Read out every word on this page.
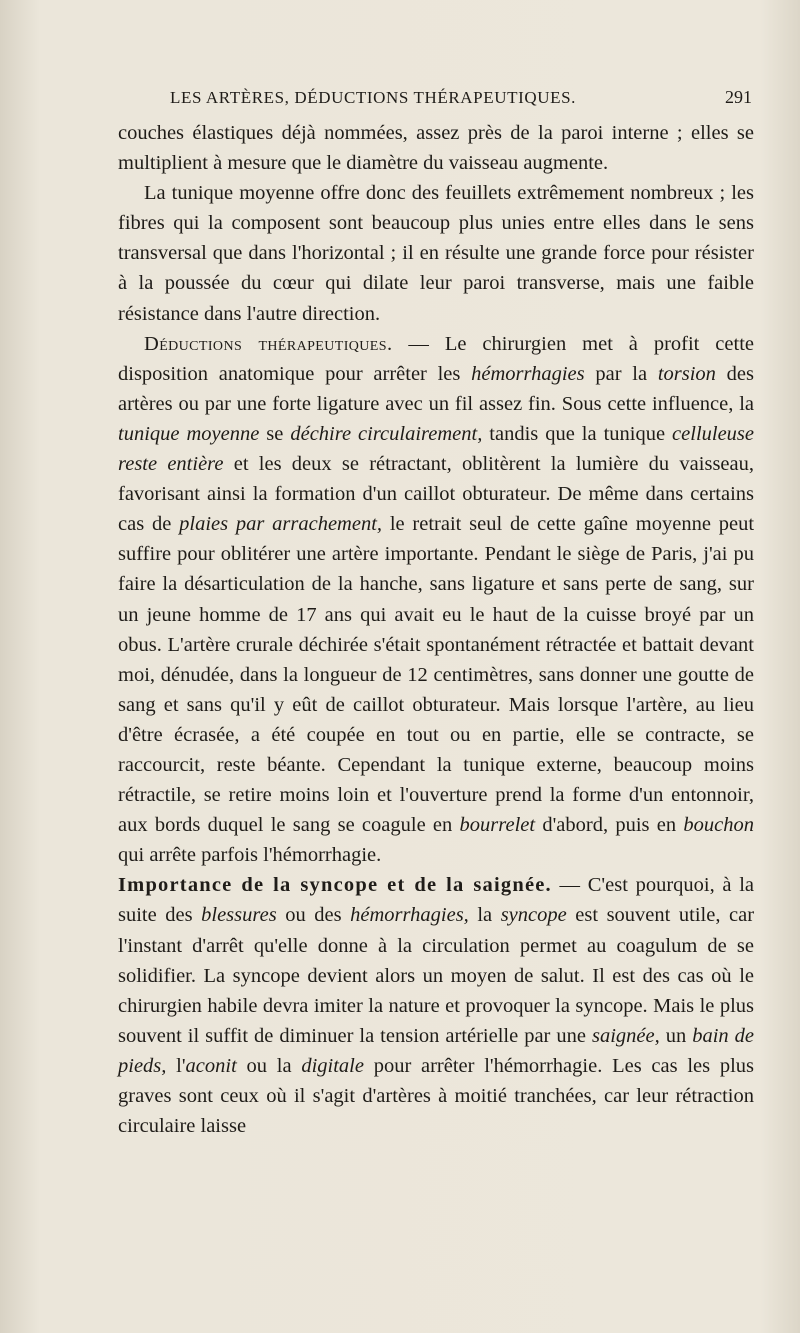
LES ARTÈRES, DÉDUCTIONS THÉRAPEUTIQUES.	291

couches élastiques déjà nommées, assez près de la paroi interne ; elles se multiplient à mesure que le diamètre du vaisseau augmente.

La tunique moyenne offre donc des feuillets extrêmement nombreux ; les fibres qui la composent sont beaucoup plus unies entre elles dans le sens transversal que dans l'horizontal ; il en résulte une grande force pour résister à la poussée du cœur qui dilate leur paroi transverse, mais une faible résistance dans l'autre direction.

Déductions thérapeutiques. — Le chirurgien met à profit cette disposition anatomique pour arrêter les hémorrhagies par la torsion des artères ou par une forte ligature avec un fil assez fin. Sous cette influence, la tunique moyenne se déchire circulairement, tandis que la tunique celluleuse reste entière et les deux se rétractant, oblitèrent la lumière du vaisseau, favorisant ainsi la formation d'un caillot obturateur. De même dans certains cas de plaies par arrachement, le retrait seul de cette gaîne moyenne peut suffire pour oblitérer une artère importante. Pendant le siège de Paris, j'ai pu faire la désarticulation de la hanche, sans ligature et sans perte de sang, sur un jeune homme de 17 ans qui avait eu le haut de la cuisse broyé par un obus. L'artère crurale déchirée s'était spontanément rétractée et battait devant moi, dénudée, dans la longueur de 12 centimètres, sans donner une goutte de sang et sans qu'il y eût de caillot obturateur. Mais lorsque l'artère, au lieu d'être écrasée, a été coupée en tout ou en partie, elle se contracte, se raccourcit, reste béante. Cependant la tunique externe, beaucoup moins rétractile, se retire moins loin et l'ouverture prend la forme d'un entonnoir, aux bords duquel le sang se coagule en bourrelet d'abord, puis en bouchon qui arrête parfois l'hémorrhagie.

Importance de la syncope et de la saignée. — C'est pourquoi, à la suite des blessures ou des hémorrhagies, la syncope est souvent utile, car l'instant d'arrêt qu'elle donne à la circulation permet au coagulum de se solidifier. La syncope devient alors un moyen de salut. Il est des cas où le chirurgien habile devra imiter la nature et provoquer la syncope. Mais le plus souvent il suffit de diminuer la tension artérielle par une saignée, un bain de pieds, l'aconit ou la digitale pour arrêter l'hémorrhagie. Les cas les plus graves sont ceux où il s'agit d'artères à moitié tranchées, car leur rétraction circulaire laisse
